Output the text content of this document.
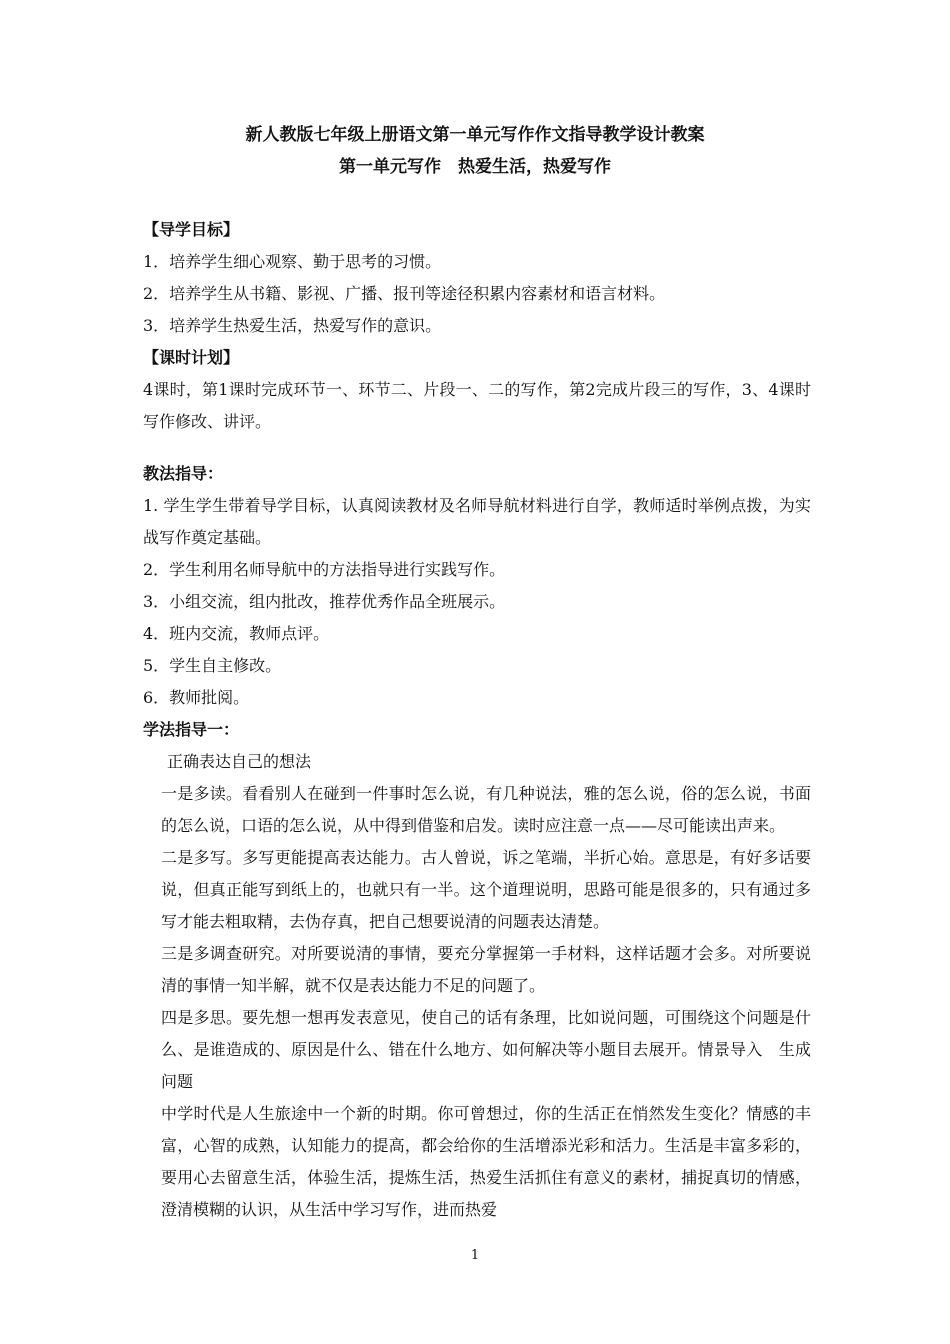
新人教版七年级上册语文第一单元写作作文指导教学设计教案
第一单元写作　热爱生活，热爱写作
【导学目标】
1．培养学生细心观察、勤于思考的习惯。
2．培养学生从书籍、影视、广播、报刊等途径积累内容素材和语言材料。
3．培养学生热爱生活，热爱写作的意识。
【课时计划】
4课时，第1课时完成环节一、环节二、片段一、二的写作，第2完成片段三的写作，3、4课时写作修改、讲评。
教法指导：
1. 学生学生带着导学目标，认真阅读教材及名师导航材料进行自学，教师适时举例点拨，为实战写作奠定基础。
2．学生利用名师导航中的方法指导进行实践写作。
3．小组交流，组内批改，推荐优秀作品全班展示。
4．班内交流，教师点评。
5．学生自主修改。
6．教师批阅。
学法指导一：
正确表达自己的想法
一是多读。看看别人在碰到一件事时怎么说，有几种说法，雅的怎么说，俗的怎么说，书面的怎么说，口语的怎么说，从中得到借鉴和启发。读时应注意一点——尽可能读出声来。
二是多写。多写更能提高表达能力。古人曾说，诉之笔端，半折心始。意思是，有好多话要说，但真正能写到纸上的，也就只有一半。这个道理说明，思路可能是很多的，只有通过多写才能去粗取精，去伪存真，把自己想要说清的问题表达清楚。
三是多调查研究。对所要说清的事情，要充分掌握第一手材料，这样话题才会多。对所要说清的事情一知半解，就不仅是表达能力不足的问题了。
四是多思。要先想一想再发表意见，使自己的话有条理，比如说问题，可围绕这个问题是什么、是谁造成的、原因是什么、错在什么地方、如何解决等小题目去展开。情景导入　生成问题
中学时代是人生旅途中一个新的时期。你可曾想过，你的生活正在悄然发生变化？情感的丰富，心智的成熟，认知能力的提高，都会给你的生活增添光彩和活力。生活是丰富多彩的，要用心去留意生活，体验生活，提炼生活，热爱生活抓住有意义的素材，捕捉真切的情感，澄清模糊的认识，从生活中学习写作，进而热爱
1
